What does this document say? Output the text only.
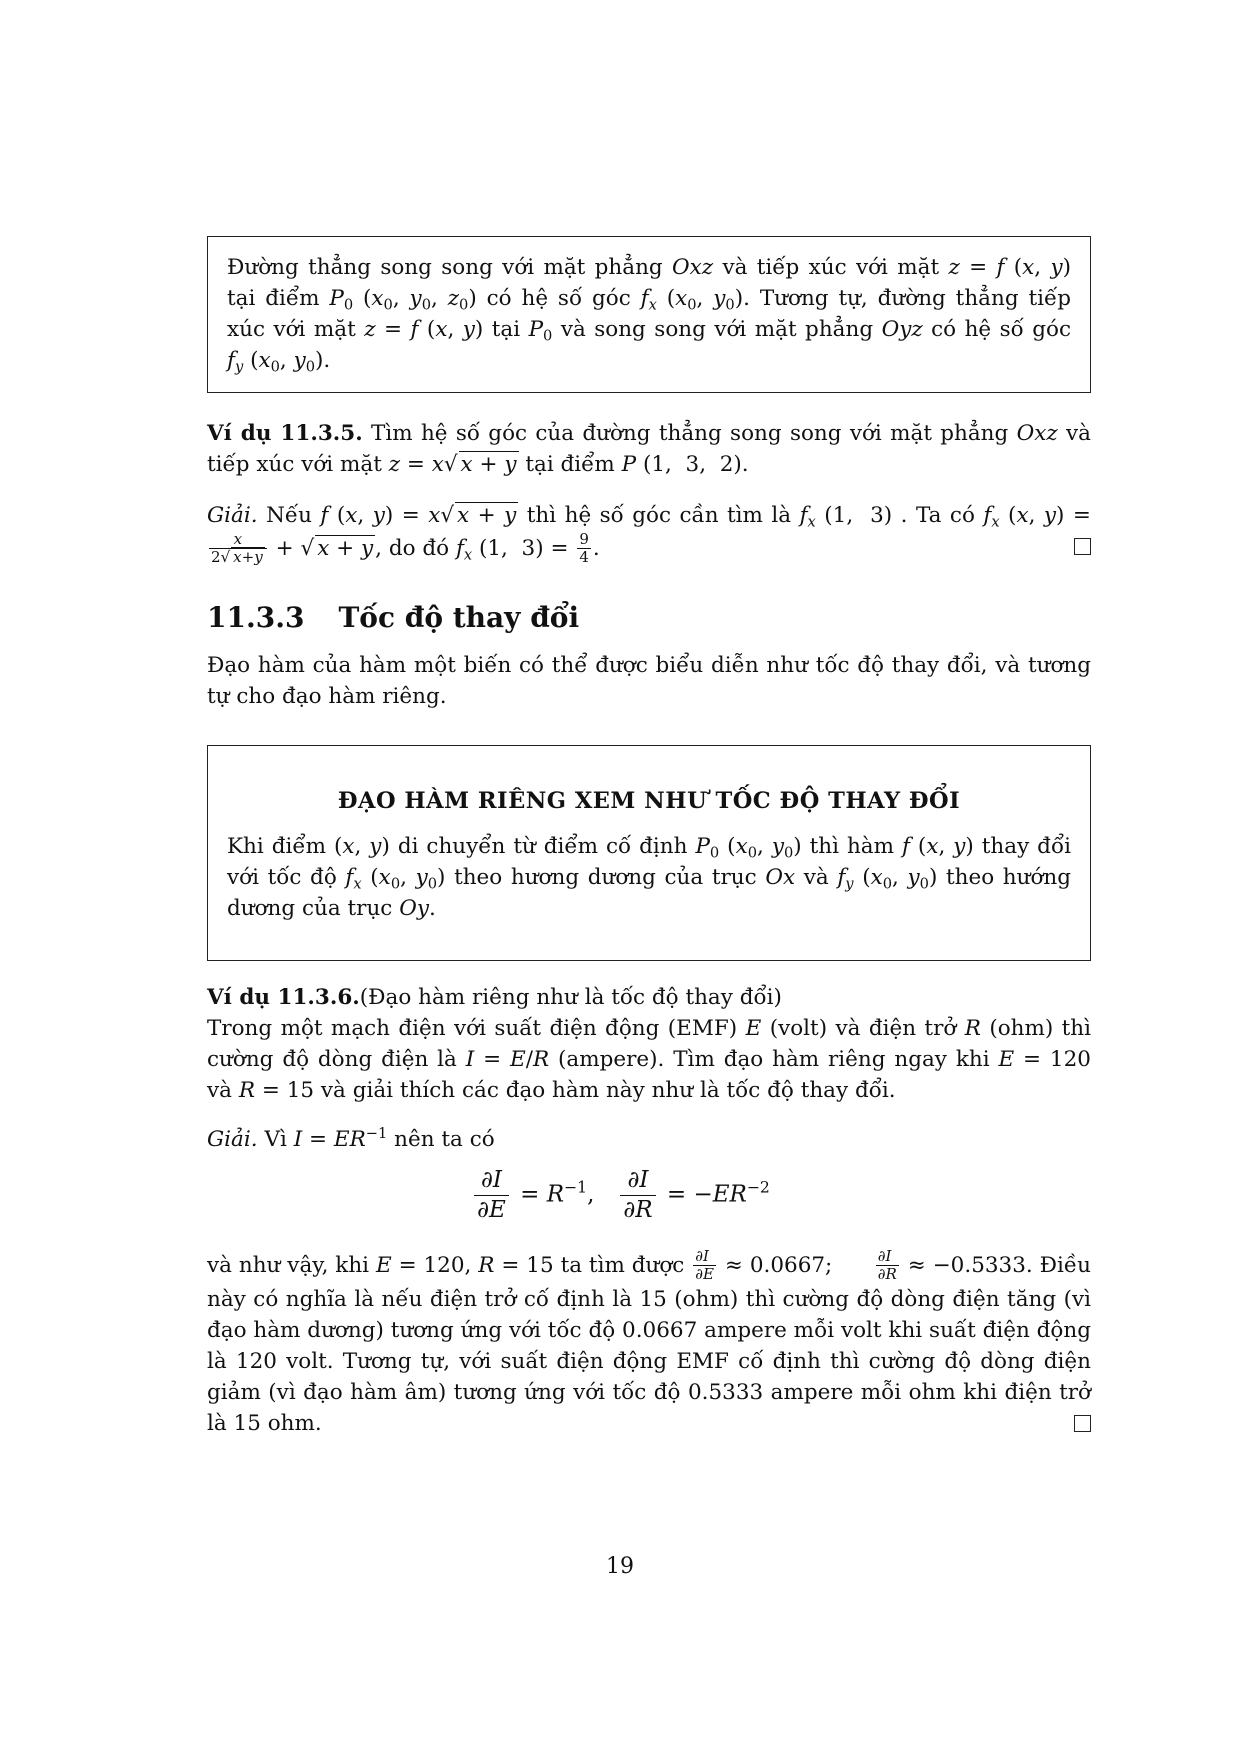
Đường thẳng song song với mặt phẳng Oxz và tiếp xúc với mặt z = f (x, y)

tại điểm $P_0$ ($x_0$, $y_0$, $z_0$) có hệ số góc $f_x$ ($x_0$, $y_0$). Tương tự, đường thẳng tiếp

xúc với mặt z = f (x, y) tại $P_0$ và song song với mặt phẳng Oyz có hệ số góc

$f_y$ ($x_0$, $y_0$).

Ví dụ 11.3.5. Tìm hệ số góc của đường thẳng song song với mặt phẳng Oxz và

tiếp xúc với mặt z = x√ x + y tại điểm P (1,  3,  2).

Giải. Nếu f (x, y) = x√ x + y thì hệ số góc cần tìm là $f_x$ (1,  3) . Ta có $f_x$ (x, y) =

$\frac{x}{2√ x+y}$ + √ x + y, do đó $f_x$ (1,  $3) = \frac{9}{4}$ .

11.3.3 Tốc độ thay đổi

Đạo hàm của hàm một biến có thể được biểu diễn như tốc độ thay đổi, và tương tự cho đạo hàm riêng.

ĐẠO HÀM RIÊNG XEM NHƯ TỐC ĐỘ THAY ĐỔI

Khi điểm (x, y) di chuyển từ điểm cố định $P_0$ ($x_0$, $y_0$) thì hàm f (x, y) thay đổi

với tốc độ $f_x$ ($x_0$, $y_0$) theo hương dương của trục Ox và $f_y$ ($x_0$, $y_0$) theo hướng

dương của trục Oy.

Ví dụ 11.3.6.(Đạo hàm riêng như là tốc độ thay đổi)

Trong một mạch điện với suất điện động (EMF) E (volt) và điện trở R (ohm) thì

cường độ dòng điện là I = E/R (ampere). Tìm đạo hàm riêng ngay khi E = 120

và R = 15 và giải thích các đạo hàm này như là tốc độ thay đổi.

Giải. Vì $I = ER^{-1}$ nên ta có

$\frac{\partial I}{\partial E} = R^{-1}$, $\frac{\partial I}{\partial R} = -ER^{-2}$

và như vậy, khi E = 120, R = 15 ta tìm được $\frac{\partial I}{\partial E} \approx 0.0667$;	$\frac{\partial I}{\partial R} \approx -0.5333$. Điều

này có nghĩa là nếu điện trở cố định là 15 (ohm) thì cường độ dòng điện tăng (vì đạo hàm dương) tương ứng với tốc độ 0.0667 ampere mỗi volt khi suất điện động là 120 volt. Tương tự, với suất điện động EMF cố định thì cường độ dòng điện giảm (vì đạo hàm âm) tương ứng với tốc độ 0.5333 ampere mỗi ohm khi điện trở là 15 ohm.

19
